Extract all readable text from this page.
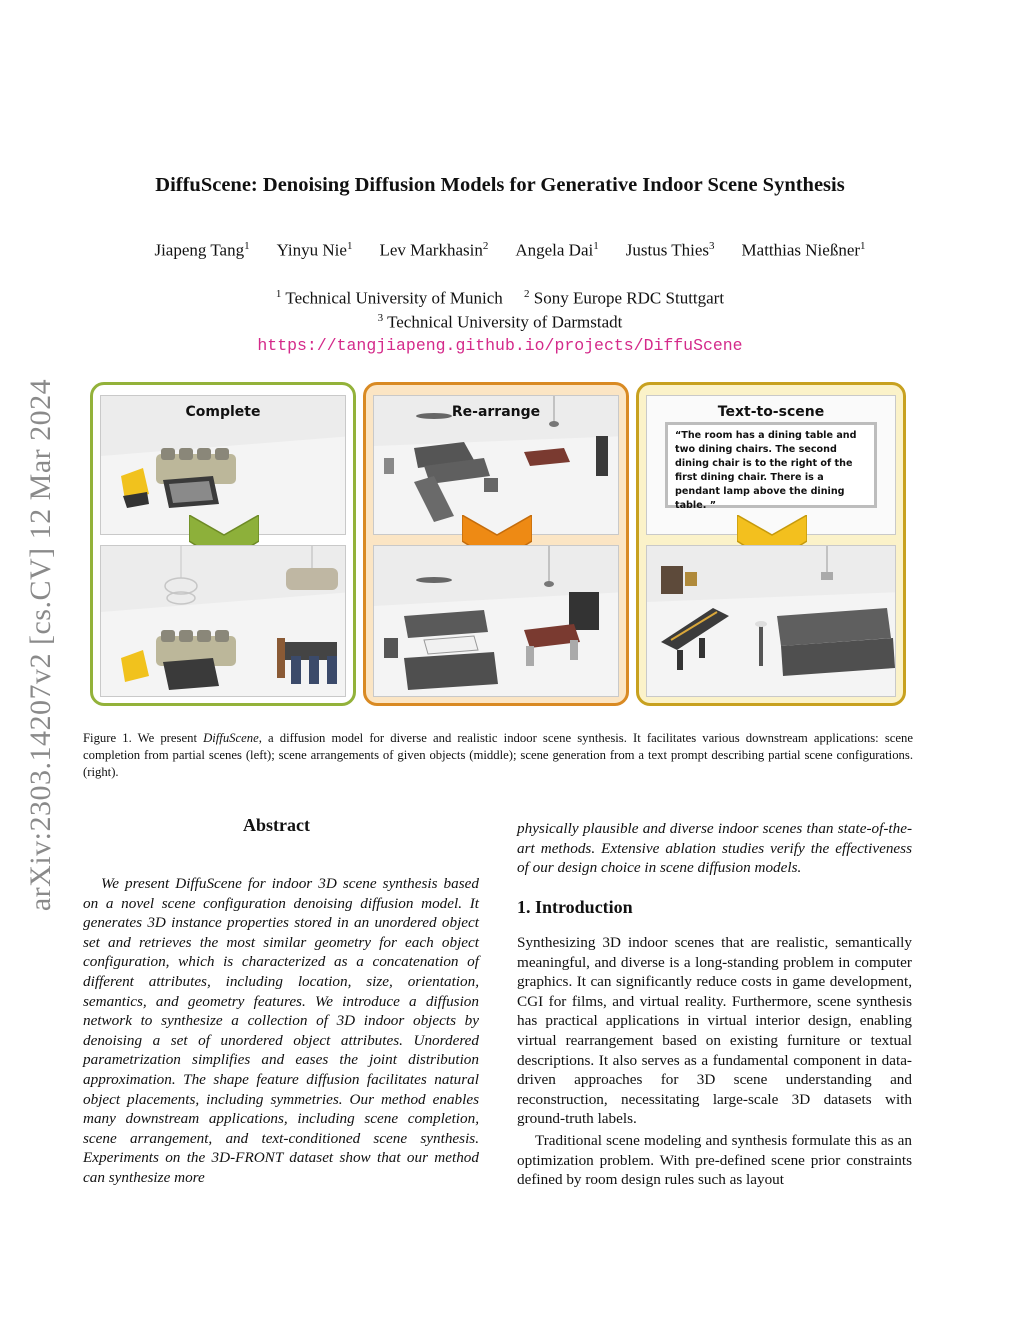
arXiv:2303.14207v2 [cs.CV] 12 Mar 2024
DiffuScene: Denoising Diffusion Models for Generative Indoor Scene Synthesis
Jiapeng Tang$^1$ Yinyu Nie$^1$ Lev Markhasin$^2$ Angela Dai$^1$ Justus Thies$^3$ Matthias Nießner$^1$
$^1$ Technical University of Munich $^2$ Sony Europe RDC Stuttgart
$^3$ Technical University of Darmstadt
https://tangjiapeng.github.io/projects/DiffuScene
Complete	Re-arrange	Text-to-scene
“The room has a dining table and two dining chairs. The second dining chair is to the right of the first dining chair. There is a pendant lamp above the dining table. ”
Figure 1. We present DiffuScene, a diffusion model for diverse and realistic indoor scene synthesis. It facilitates various downstream applications: scene completion from partial scenes (left); scene arrangements of given objects (middle); scene generation from a text prompt describing partial scene configurations. (right).
Abstract
We present DiffuScene for indoor 3D scene synthesis based on a novel scene configuration denoising diffusion model. It generates 3D instance properties stored in an unordered object set and retrieves the most similar geometry for each object configuration, which is characterized as a concatenation of different attributes, including location, size, orientation, semantics, and geometry features. We introduce a diffusion network to synthesize a collection of 3D indoor objects by denoising a set of unordered object attributes. Unordered parametrization simplifies and eases the joint distribution approximation. The shape feature diffusion facilitates natural object placements, including symmetries. Our method enables many downstream applications, including scene completion, scene arrangement, and text-conditioned scene synthesis. Experiments on the 3D-FRONT dataset show that our method can synthesize more
physically plausible and diverse indoor scenes than state-of-the-art methods. Extensive ablation studies verify the effectiveness of our design choice in scene diffusion models.
1. Introduction

Synthesizing 3D indoor scenes that are realistic, semantically meaningful, and diverse is a long-standing problem in computer graphics. It can significantly reduce costs in game development, CGI for films, and virtual reality. Furthermore, scene synthesis has practical applications in virtual interior design, enabling virtual rearrangement based on existing furniture or textual descriptions. It also serves as a fundamental component in data-driven approaches for 3D scene understanding and reconstruction, necessitating large-scale 3D datasets with ground-truth labels.

Traditional scene modeling and synthesis formulate this as an optimization problem. With pre-defined scene prior constraints defined by room design rules such as layout
